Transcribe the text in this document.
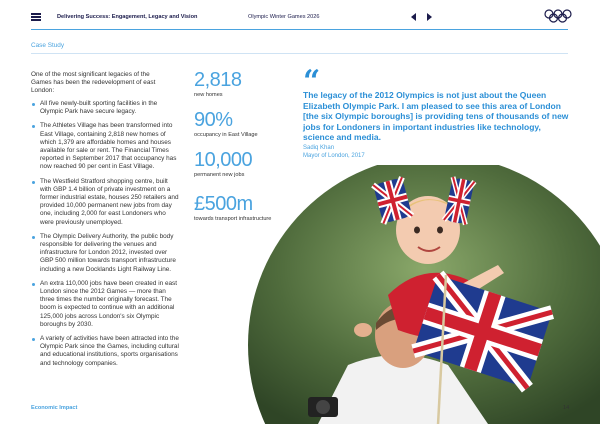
Delivering Success: Engagement, Legacy and Vision	Olympic Winter Games 2026
Case Study
One of the most significant legacies of the Games has been the redevelopment of east London:
All five newly-built sporting facilities in the Olympic Park have secure legacy.
The Athletes Village has been transformed into East Village, containing 2,818 new homes of which 1,379 are affordable homes and houses available for sale or rent. The Financial Times reported in September 2017 that occupancy has now reached 90 per cent in East Village.
The Westfield Stratford shopping centre, built with GBP 1.4 billion of private investment on a former industrial estate, houses 250 retailers and provided 10,000 permanent new jobs from day one, including 2,000 for east Londoners who were previously unemployed.
The Olympic Delivery Authority, the public body responsible for delivering the venues and infrastructure for London 2012, invested over GBP 500 million towards transport infrastructure including a new Docklands Light Railway Line.
An extra 110,000 jobs have been created in east London since the 2012 Games — more than three times the number originally forecast. The boom is expected to continue with an additional 125,000 jobs across London's six Olympic boroughs by 2030.
A variety of activities have been attracted into the Olympic Park since the Games, including cultural and educational institutions, sports organisations and technology companies.
2,818
new homes
90%
occupancy in East Village
10,000
permanent new jobs
£500m
towards transport infrastructure
“
The legacy of the 2012 Olympics is not just about the Queen Elizabeth Olympic Park. I am pleased to see this area of London [the six Olympic boroughs] is providing tens of thousands of new jobs for Londoners in important industries like technology, science and media.
Sadiq Khan
Mayor of London, 2017
Economic Impact	14
